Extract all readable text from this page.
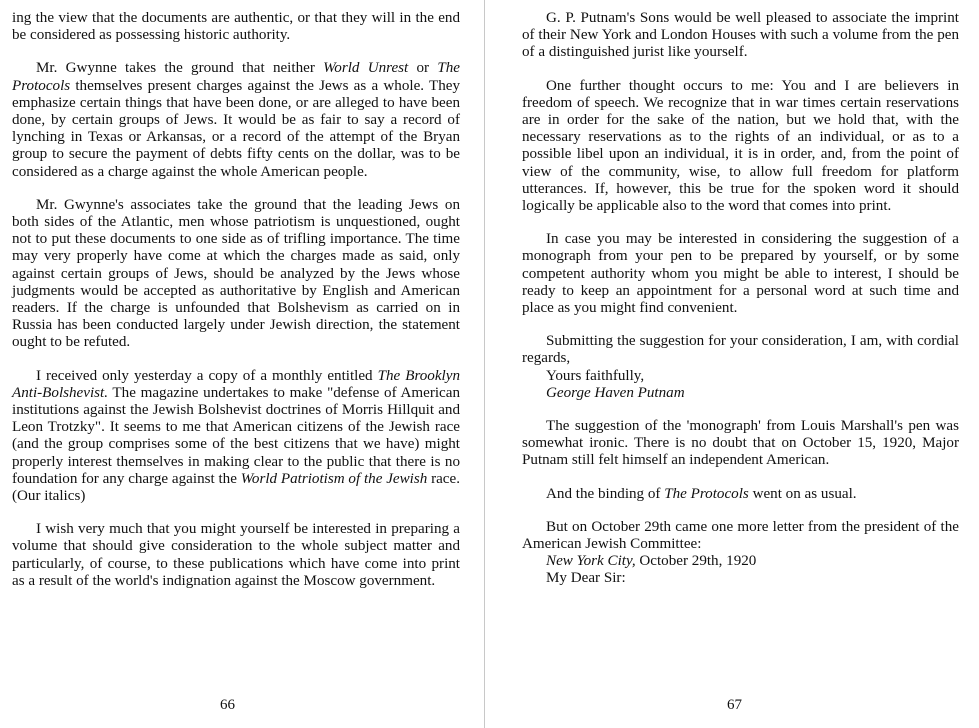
ing the view that the documents are authentic, or that they will in the end be considered as possessing historic authority.

Mr. Gwynne takes the ground that neither World Unrest or The Protocols themselves present charges against the Jews as a whole. They emphasize certain things that have been done, or are alleged to have been done, by certain groups of Jews. It would be as fair to say a record of lynching in Texas or Arkansas, or a record of the attempt of the Bryan group to secure the payment of debts fifty cents on the dollar, was to be considered as a charge against the whole American people.

Mr. Gwynne's associates take the ground that the leading Jews on both sides of the Atlantic, men whose patriotism is unquestioned, ought not to put these documents to one side as of trifling importance. The time may very properly have come at which the charges made as said, only against certain groups of Jews, should be analyzed by the Jews whose judgments would be accepted as authoritative by English and American readers. If the charge is unfounded that Bolshevism as carried on in Russia has been conducted largely under Jewish direction, the statement ought to be refuted.

I received only yesterday a copy of a monthly entitled The Brooklyn Anti-Bolshevist. The magazine undertakes to make "defense of American institutions against the Jewish Bolshevist doctrines of Morris Hillquit and Leon Trotzky". It seems to me that American citizens of the Jewish race (and the group comprises some of the best citizens that we have) might properly interest themselves in making clear to the public that there is no foundation for any charge against the World Patriotism of the Jewish race. (Our italics)

I wish very much that you might yourself be interested in preparing a volume that should give consideration to the whole subject matter and particularly, of course, to these publications which have come into print as a result of the world's indignation against the Moscow government.

G. P. Putnam's Sons would be well pleased to associate the imprint of their New York and London Houses with such a volume from the pen of a distinguished jurist like yourself.

One further thought occurs to me: You and I are believers in freedom of speech. We recognize that in war times certain reservations are in order for the sake of the nation, but we hold that, with the necessary reservations as to the rights of an individual, or as to a possible libel upon an individual, it is in order, and, from the point of view of the community, wise, to allow full freedom for platform utterances. If, however, this be true for the spoken word it should logically be applicable also to the word that comes into print.

In case you may be interested in considering the suggestion of a monograph from your pen to be prepared by yourself, or by some competent authority whom you might be able to interest, I should be ready to keep an appointment for a personal word at such time and place as you might find convenient.

Submitting the suggestion for your consideration, I am, with cordial regards,

Yours faithfully,

George Haven Putnam

The suggestion of the 'monograph' from Louis Marshall's pen was somewhat ironic. There is no doubt that on October 15, 1920, Major Putnam still felt himself an independent American.

And the binding of The Protocols went on as usual.

But on October 29th came one more letter from the president of the American Jewish Committee:

New York City, October 29th, 1920

My Dear Sir:

66	67
